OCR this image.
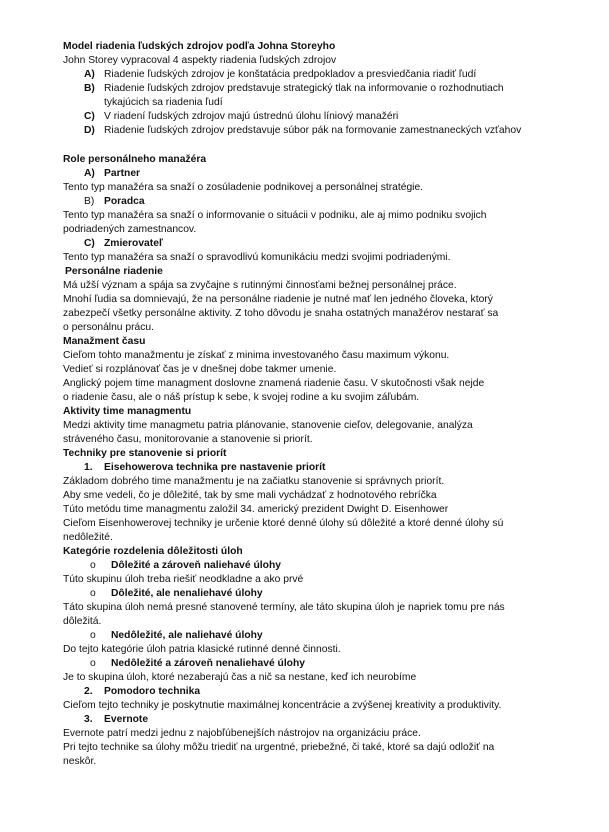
Model riadenia ľudských zdrojov podľa Johna Storeyho
John Storey vypracoval 4 aspekty riadenia ľudských zdrojov
A) Riadenie ľudských zdrojov je konštatácia predpokladov a presviedčania riadiť ľudí
B) Riadenie ľudských zdrojov predstavuje strategický tlak na informovanie o rozhodnutiach
tykajúcich sa riadenia ľudí
C) V riadení ľudských zdrojov majú ústrednú úlohu líniový manažéri
D) Riadenie ľudských zdrojov predstavuje súbor pák na formovanie zamestnaneckých vzťahov
Role personálneho manažéra
A) Partner
Tento typ manažéra sa snaží o zosúladenie podnikovej a personálnej stratégie.
B) Poradca
Tento typ manažéra sa snaží o informovanie o situácii v podniku, ale aj mimo podniku svojich
podriadených zamestnancov.
C) Zmierovateľ
Tento typ manažéra sa snaží o spravodlivú komunikáciu medzi svojimi podriadenými.
Personálne riadenie
Má užší význam a spája sa zvyčajne s rutinnými činnosťami bežnej personálnej práce.
Mnohí ľudia sa domnievajú, že na personálne riadenie je nutné mať len jedného človeka, ktorý
zabezpečí všetky personálne aktivity. Z toho dôvodu je snaha ostatných manažérov nestarať sa
o personálnu prácu.
Manažment času
Cieľom tohto manažmentu je získať z minima investovaného času maximum výkonu.
Vedieť si rozplánovať čas je v dnešnej dobe takmer umenie.
Anglický pojem time managment doslovne znamená riadenie času. V skutočnosti však nejde
o riadenie času, ale o náš prístup k sebe, k svojej rodine a ku svojim záľubám.
Aktivity time managmentu
Medzi aktivity time managmetu patria plánovanie, stanovenie cieľov, delegovanie, analýza
stráveného času, monitorovanie a stanovenie si priorít.
Techniky pre stanovenie si priorít
1. Eisehowerova technika pre nastavenie priorít
Základom dobrého time manažmentu je na začiatku stanovenie si správnych priorít.
Aby sme vedeli, čo je dôležité, tak by sme mali vychádzať z hodnotového rebríčka
Túto metódu time managmentu založil 34. americký prezident Dwight D. Eisenhower
Cieľom Eisenhowerovej techniky je určenie ktoré denné úlohy sú dôležité a ktoré denné úlohy sú
nedôležité.
Kategórie rozdelenia dôležitosti úloh
o Dôležité a zároveň naliehavé úlohy
Túto skupinu úloh treba riešiť neodkladne a ako prvé
o Dôležité, ale nenaliehavé úlohy
Táto skupina úloh nemá presné stanovené termíny, ale táto skupina úloh je napriek tomu pre nás
dôležitá.
o Nedôležité, ale naliehavé úlohy
Do tejto kategórie úloh patria klasické rutinné denné činnosti.
o Nedôležité a zároveň nenaliehavé úlohy
Je to skupina úloh, ktoré nezaberajú čas a nič sa nestane, keď ich neurobíme
2. Pomodoro technika
Cieľom tejto techniky je poskytnutie maximálnej koncentrácie a zvýšenej kreativity a produktivity.
3. Evernote
Evernote patrí medzi jednu z najobľúbenejších nástrojov na organizáciu práce.
Pri tejto technike sa úlohy môžu triediť na urgentné, priebežné, či také, ktoré sa dajú odložiť na
neskôr.
